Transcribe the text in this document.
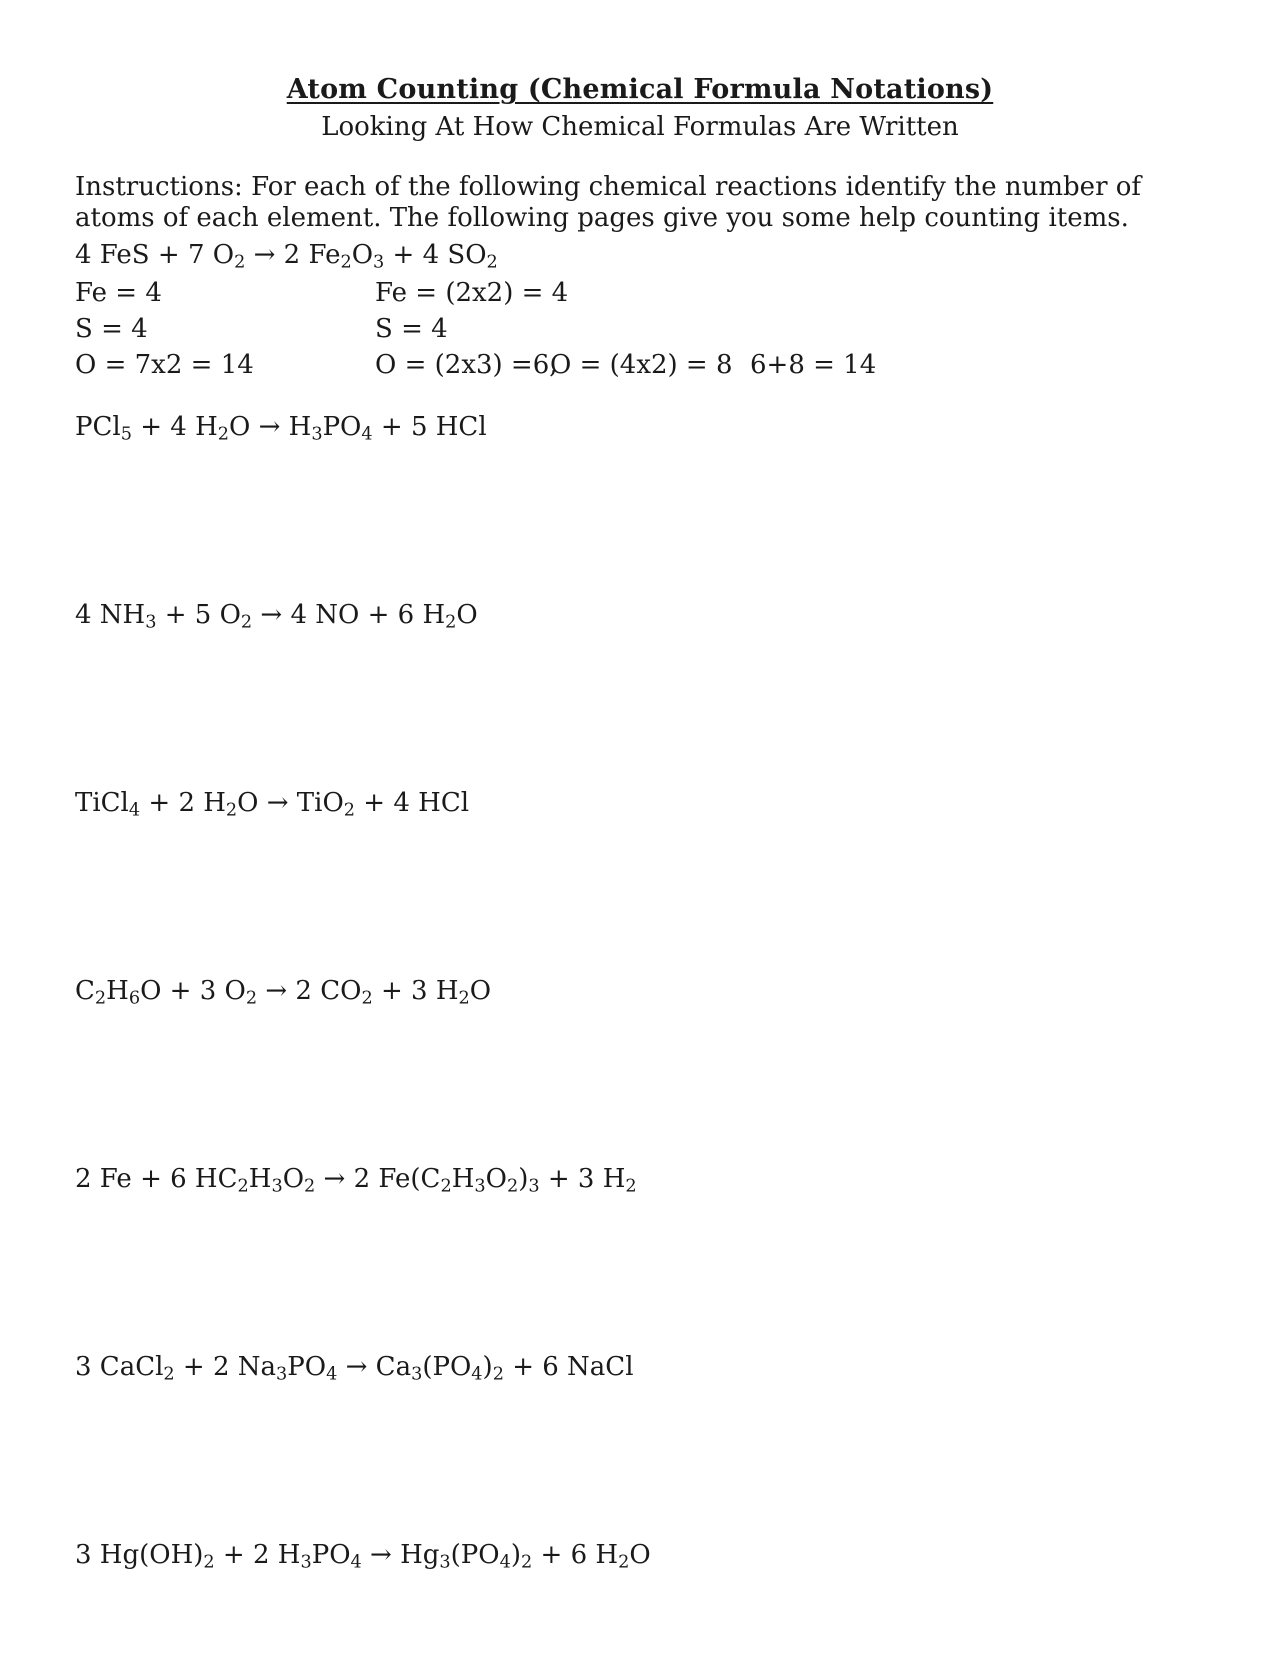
Atom Counting (Chemical Formula Notations)
Looking At How Chemical Formulas Are Written
Instructions: For each of the following chemical reactions identify the number of atoms of each element. The following pages give you some help counting items.
4 FeS + 7 $O_2 \to 2$ $Fe_2O_3 + 4$ $SO_2$
Fe = 4
S = 4
O = 7x2 = 14
Fe = (2x2) = 4
S = 4
O = (2x3) =6,
O = (4x2) = 8 6+8 = 14
PCl$_5$ + 4 $H_2O \to H_3PO_4 + 5$ HCl
4 $NH_3 + 5$ $O_2 \to 4$ NO + 6 $H_2O$
TiCl$_4$ + 2 $H_2O \to TiO_2 + 4$ HCl
$C_2H_6O + 3$ $O_2 \to 2$ $CO_2 + 3$ $H_2O$
2 Fe + 6 $HC_2H_3O_2 \to 2$ $Fe(C_2H_3O_2)_3 + 3$ $H_2$
3 CaCl$_2$ + 2 $Na_3PO_4 \to Ca_3(PO_4)_2 + 6$ NaCl
3 $Hg(OH)_2 + 2$ $H_3PO_4 \to Hg_3(PO_4)_2 + 6$ $H_2O$
